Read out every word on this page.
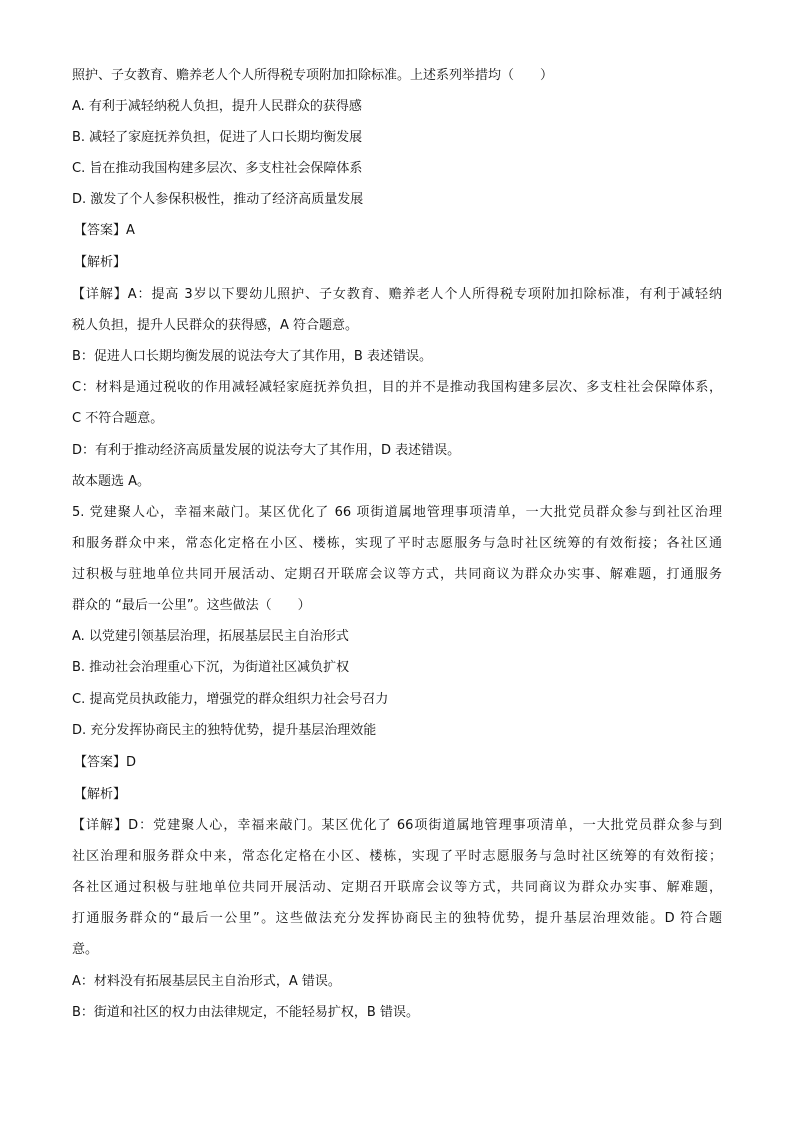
照护、子女教育、赡养老人个人所得税专项附加扣除标准。上述系列举措均（　　）
A. 有利于减轻纳税人负担，提升人民群众的获得感
B. 减轻了家庭抚养负担，促进了人口长期均衡发展
C. 旨在推动我国构建多层次、多支柱社会保障体系
D. 激发了个人参保积极性，推动了经济高质量发展
【答案】A
【解析】
【详解】A：提高 3岁以下婴幼儿照护、子女教育、赡养老人个人所得税专项附加扣除标准，有利于减轻纳
税人负担，提升人民群众的获得感，A 符合题意。
B：促进人口长期均衡发展的说法夸大了其作用，B 表述错误。
C：材料是通过税收的作用减轻减轻家庭抚养负担，目的并不是推动我国构建多层次、多支柱社会保障体系，
C 不符合题意。
D：有利于推动经济高质量发展的说法夸大了其作用，D 表述错误。
故本题选 A。
5. 党建聚人心，幸福来敲门。某区优化了 66 项街道属地管理事项清单，一大批党员群众参与到社区治理
和服务群众中来，常态化定格在小区、楼栋，实现了平时志愿服务与急时社区统筹的有效衔接；各社区通
过积极与驻地单位共同开展活动、定期召开联席会议等方式，共同商议为群众办实事、解难题，打通服务
群众的 “最后一公里”。这些做法（　　）
A. 以党建引领基层治理，拓展基层民主自治形式
B. 推动社会治理重心下沉，为街道社区减负扩权
C. 提高党员执政能力，增强党的群众组织力社会号召力
D. 充分发挥协商民主的独特优势，提升基层治理效能
【答案】D
【解析】
【详解】D：党建聚人心，幸福来敲门。某区优化了 66项街道属地管理事项清单，一大批党员群众参与到
社区治理和服务群众中来，常态化定格在小区、楼栋，实现了平时志愿服务与急时社区统筹的有效衔接；
各社区通过积极与驻地单位共同开展活动、定期召开联席会议等方式，共同商议为群众办实事、解难题，
打通服务群众的“最后一公里”。这些做法充分发挥协商民主的独特优势，提升基层治理效能。D 符合题
意。
A：材料没有拓展基层民主自治形式，A 错误。
B：街道和社区的权力由法律规定，不能轻易扩权，B 错误。
